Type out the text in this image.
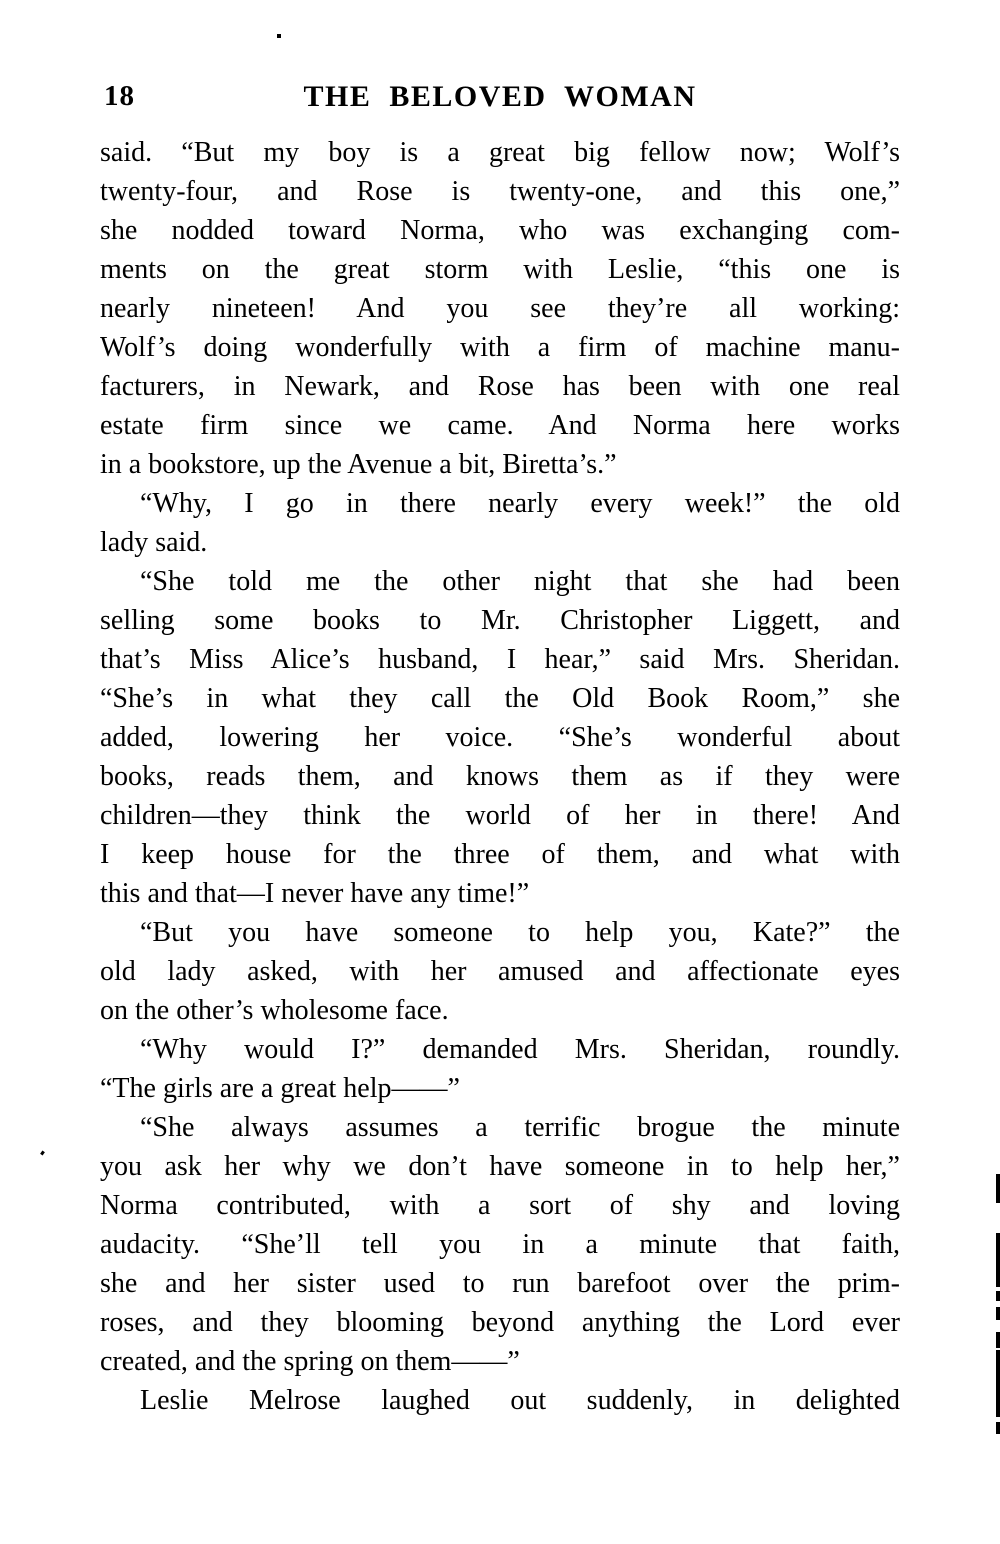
18	THE BELOVED WOMAN
said. “But my boy is a great big fellow now; Wolf’s
twenty-four, and Rose is twenty-one, and this one,”
she nodded toward Norma, who was exchanging com-
ments on the great storm with Leslie, “this one is
nearly nineteen! And you see they’re all working:
Wolf’s doing wonderfully with a firm of machine manu-
facturers, in Newark, and Rose has been with one real
estate firm since we came. And Norma here works
in a bookstore, up the Avenue a bit, Biretta’s.”
“Why, I go in there nearly every week!” the old
lady said.
“She told me the other night that she had been
selling some books to Mr. Christopher Liggett, and
that’s Miss Alice’s husband, I hear,” said Mrs. Sheridan.
“She’s in what they call the Old Book Room,” she
added, lowering her voice. “She’s wonderful about
books, reads them, and knows them as if they were
children—they think the world of her in there! And
I keep house for the three of them, and what with
this and that—I never have any time!”
“But you have someone to help you, Kate?” the
old lady asked, with her amused and affectionate eyes
on the other’s wholesome face.
“Why would I?” demanded Mrs. Sheridan, roundly.
“The girls are a great help——”
“She always assumes a terrific brogue the minute
you ask her why we don’t have someone in to help her,”
Norma contributed, with a sort of shy and loving
audacity. “She’ll tell you in a minute that faith,
she and her sister used to run barefoot over the prim-
roses, and they blooming beyond anything the Lord ever
created, and the spring on them——”
Leslie Melrose laughed out suddenly, in delighted
